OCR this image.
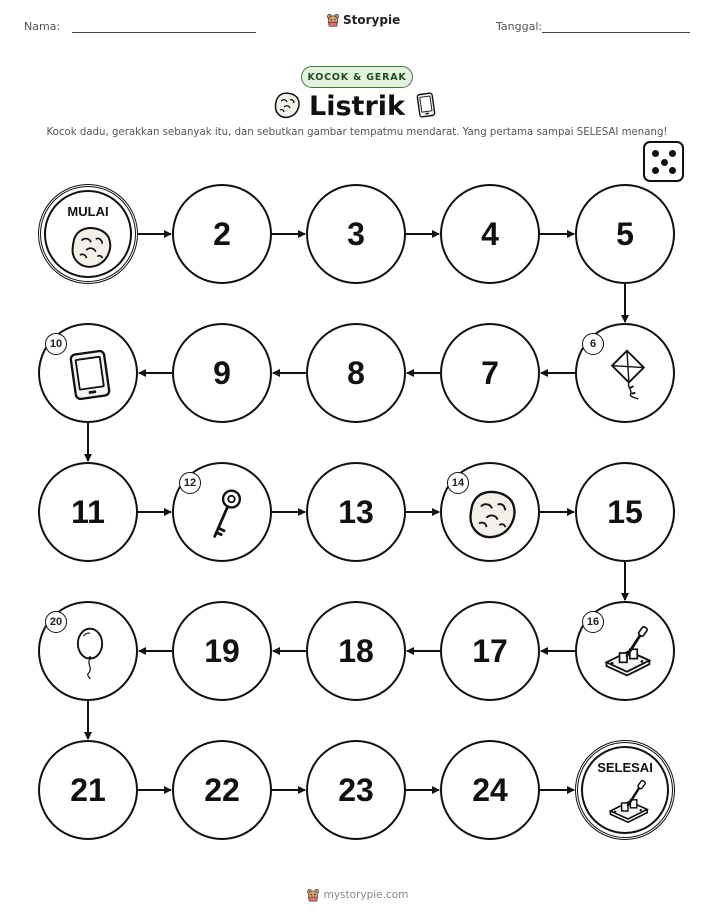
Nama:	Storypie	Tanggal:
KOCOK & GERAK
Listrik
Kocok dadu, gerakkan sebanyak itu, dan sebutkan gambar tempatmu mendarat. Yang pertama sampai SELESAI menang!
MULAI
2	3	4	5
6
7
8
9
10
11
12
13
14
15
16
17
18
19
20
21	22	23	24
SELESAI
mystorypie.com
